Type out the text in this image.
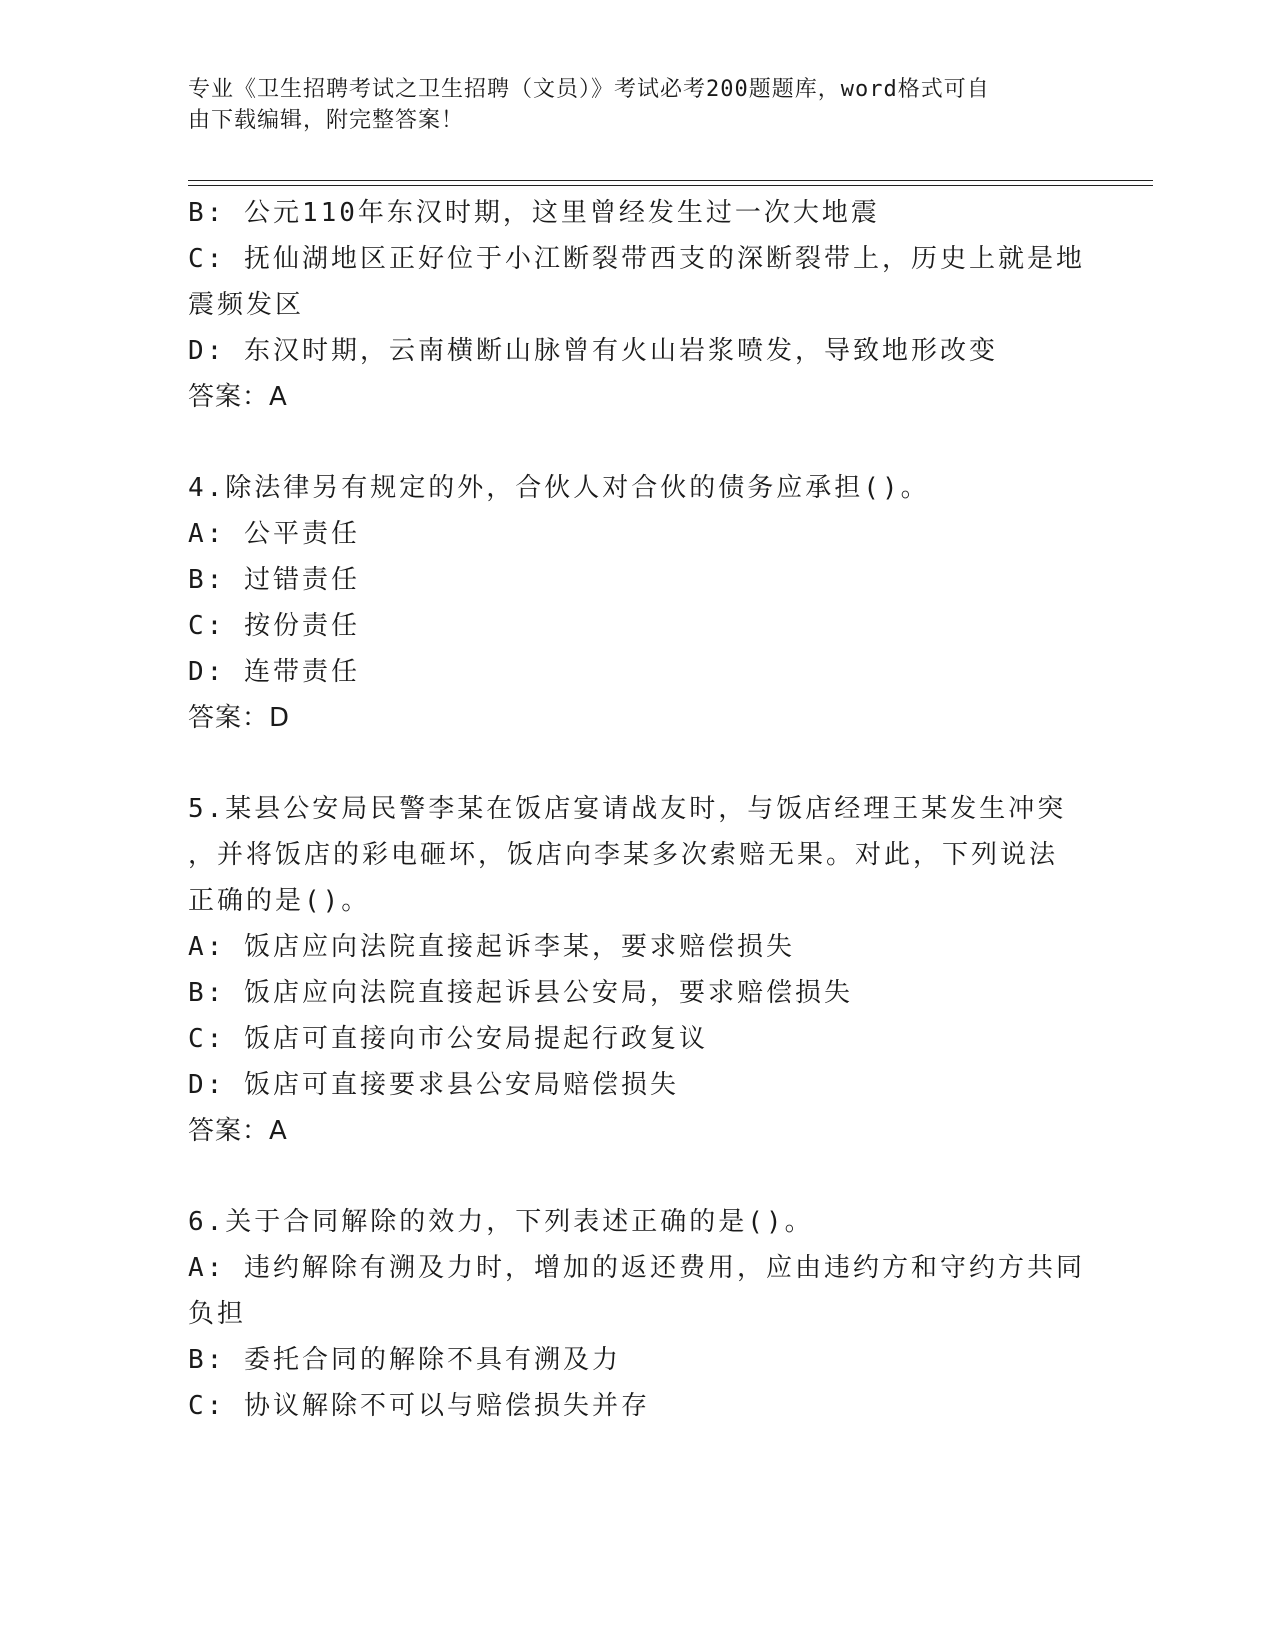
专业《卫生招聘考试之卫生招聘（文员）》考试必考200题题库，word格式可自
由下载编辑，附完整答案！
B: 公元110年东汉时期，这里曾经发生过一次大地震
C: 抚仙湖地区正好位于小江断裂带西支的深断裂带上，历史上就是地
震频发区
D: 东汉时期，云南横断山脉曾有火山岩浆喷发，导致地形改变
答案：A
4.除法律另有规定的外，合伙人对合伙的债务应承担()。
A: 公平责任
B: 过错责任
C: 按份责任
D: 连带责任
答案：D
5.某县公安局民警李某在饭店宴请战友时，与饭店经理王某发生冲突
，并将饭店的彩电砸坏，饭店向李某多次索赔无果。对此，下列说法
正确的是()。
A: 饭店应向法院直接起诉李某，要求赔偿损失
B: 饭店应向法院直接起诉县公安局，要求赔偿损失
C: 饭店可直接向市公安局提起行政复议
D: 饭店可直接要求县公安局赔偿损失
答案：A
6.关于合同解除的效力，下列表述正确的是()。
A: 违约解除有溯及力时，增加的返还费用，应由违约方和守约方共同
负担
B: 委托合同的解除不具有溯及力
C: 协议解除不可以与赔偿损失并存
